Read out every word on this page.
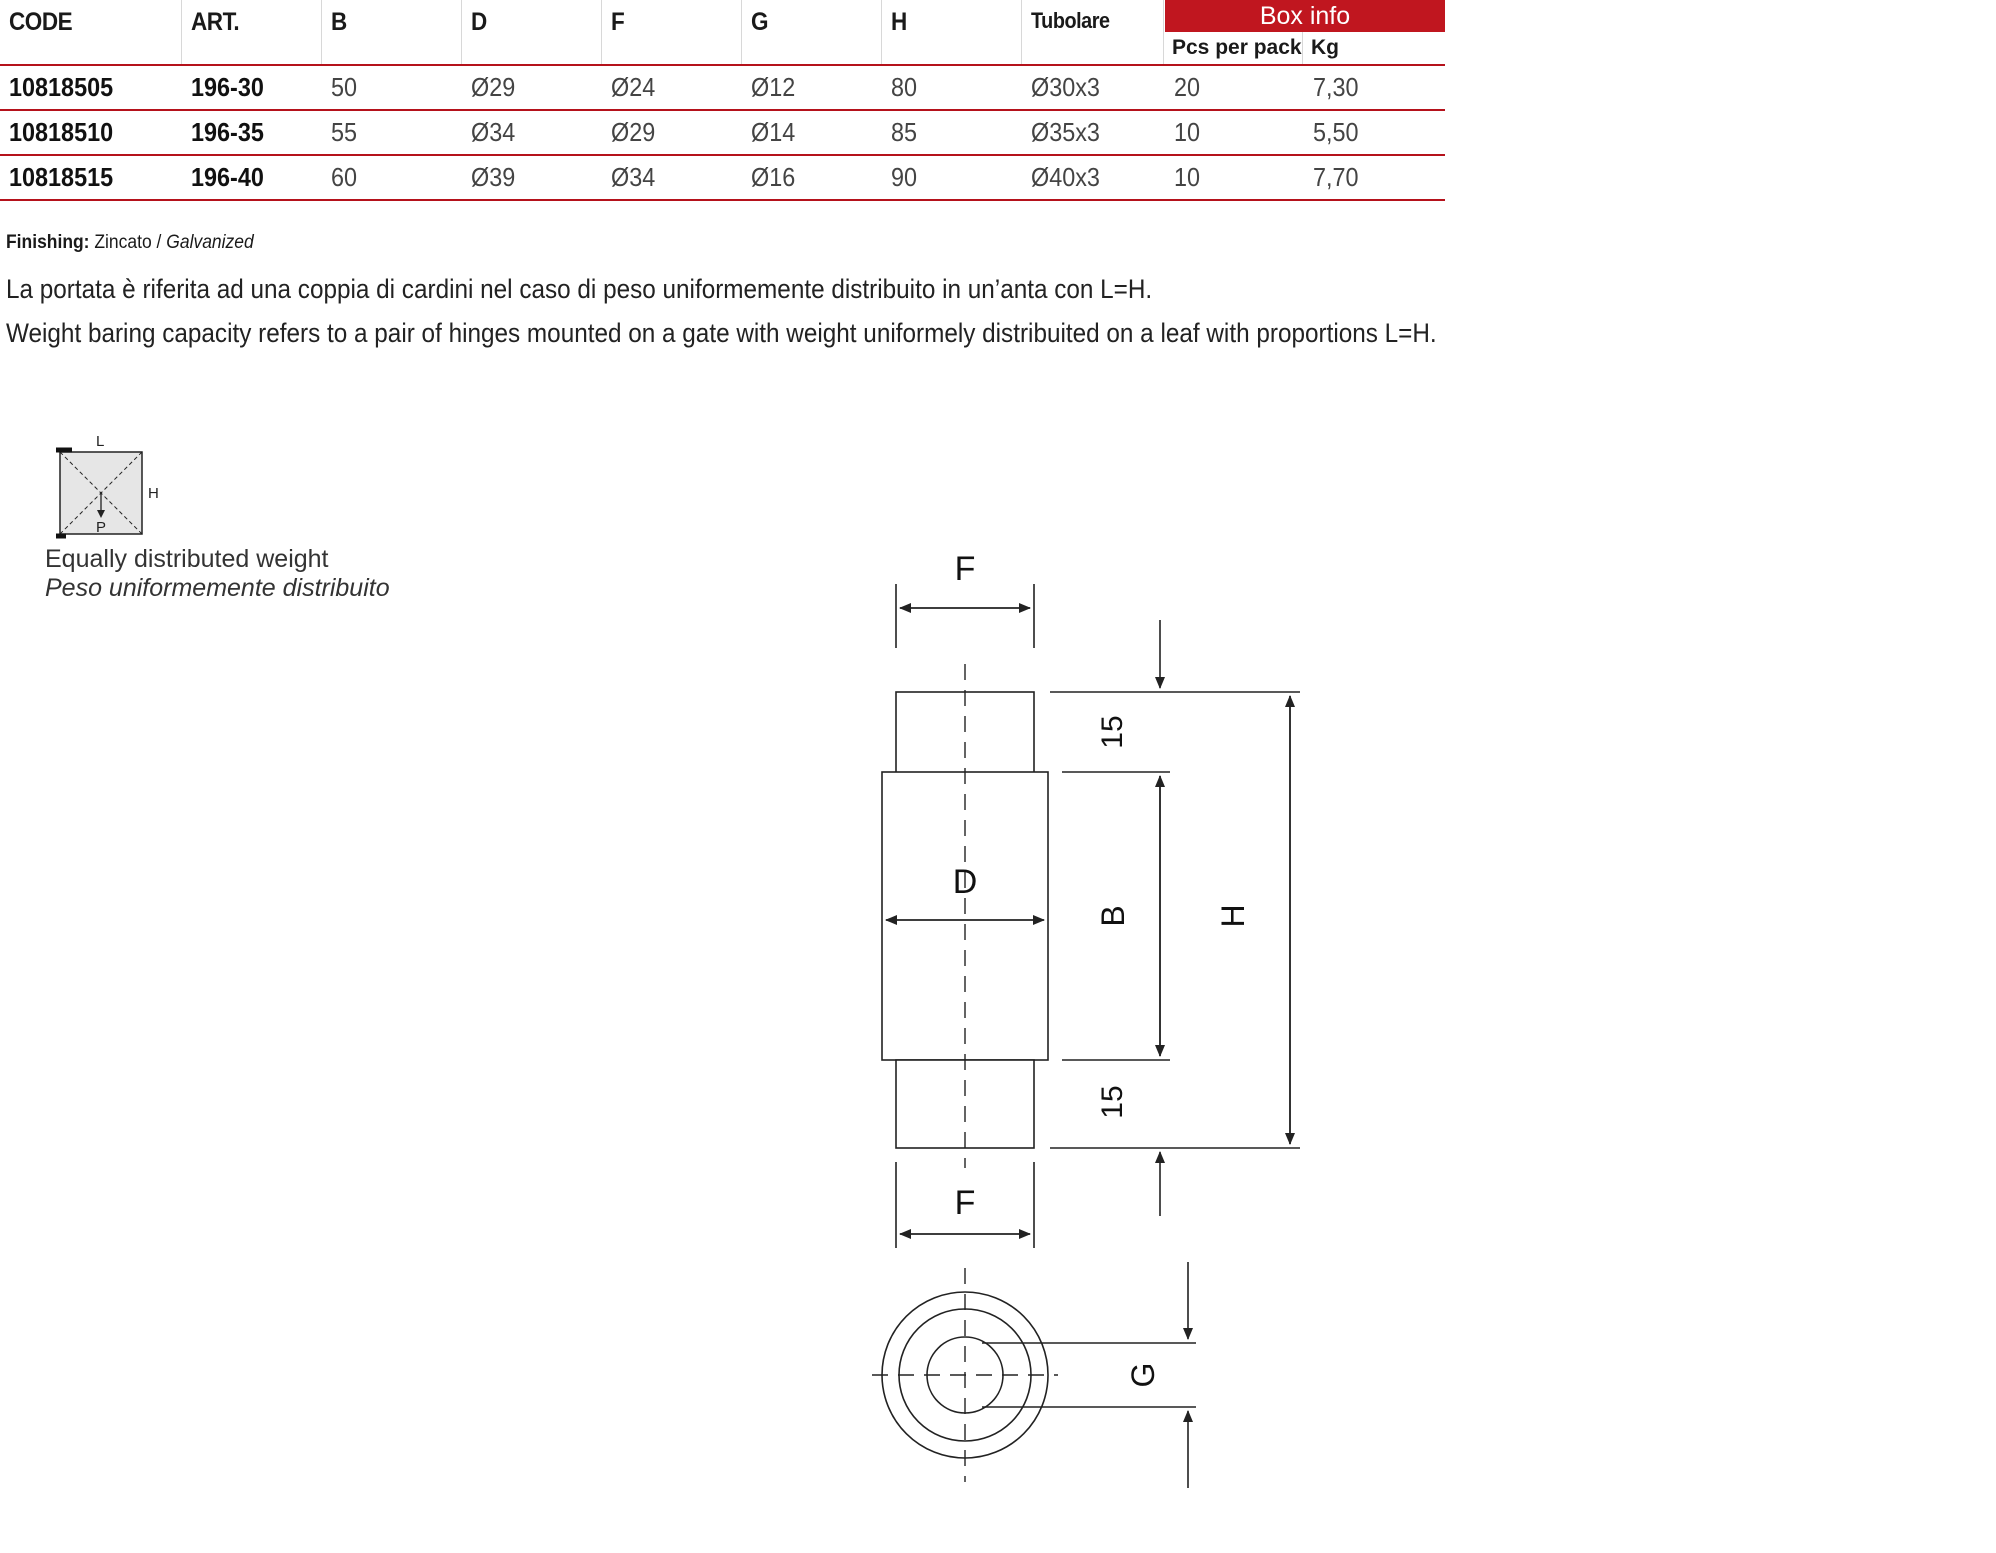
CODE	ART.	B	D	F	G	H	Tubolare	Box info
Pcs per pack Kg
10818505	196-30	50	Ø29	Ø24	Ø12	80	Ø30x3	20	7,30
10818510	196-35	55	Ø34	Ø29	Ø14	85	Ø35x3	10	5,50
10818515	196-40	60	Ø39	Ø34	Ø16	90	Ø40x3	10	7,70
Finishing: Zincato / Galvanized
La portata è riferita ad una coppia di cardini nel caso di peso uniformemente distribuito in un’anta con L=H.
Weight baring capacity refers to a pair of hinges mounted on a gate with weight uniformely distribuited on a leaf with proportions L=H.
L
H
P
Equally distributed weight
Peso uniformemente distribuito	F
D
F
15
B	H
15
G
